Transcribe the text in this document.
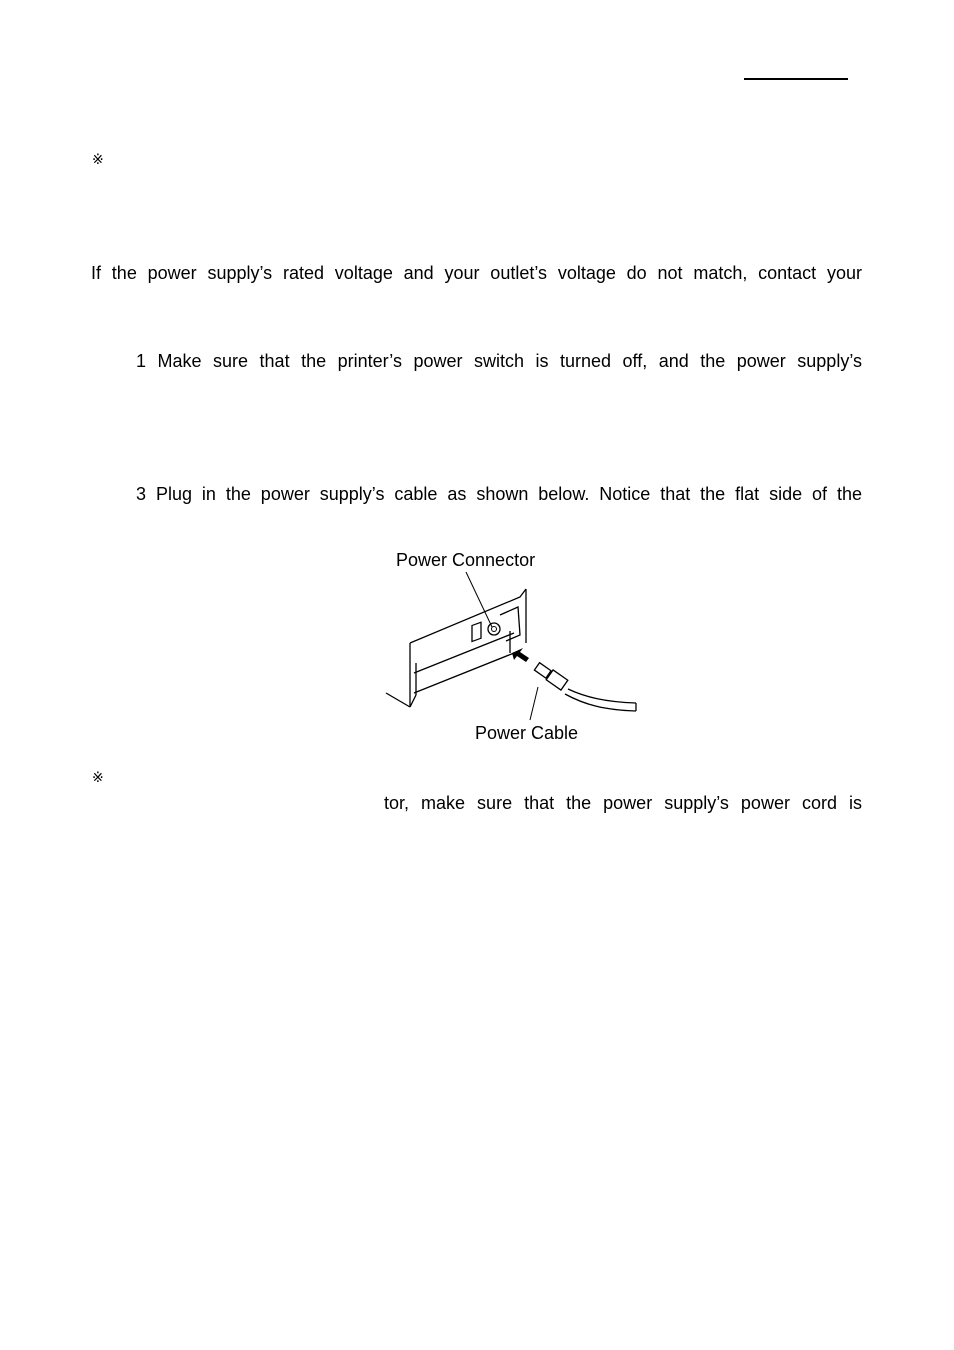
※
If the power supply’s rated voltage and your outlet’s voltage do not match, contact your
1 Make sure that the printer’s power switch is turned off, and the power supply’s
3 Plug in the power supply’s cable as shown below. Notice that the flat side of the
Power Connector
Power Cable
※
tor, make sure that the power supply’s power cord is
